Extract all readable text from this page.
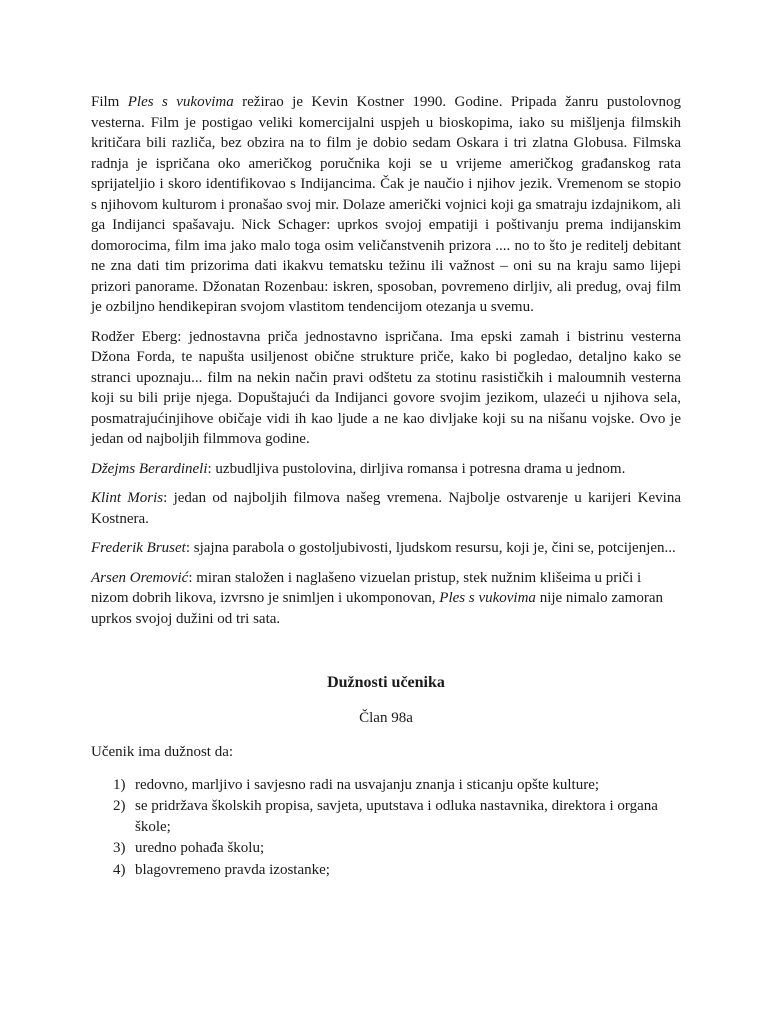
Film Ples s vukovima režirao je Kevin Kostner 1990. Godine. Pripada žanru pustolovnog vesterna. Film je postigao veliki komercijalni uspjeh u bioskopima, iako su mišljenja filmskih kritičara bili različa, bez obzira na to film je dobio sedam Oskara i tri zlatna Globusa. Filmska radnja je ispričana oko američkog poručnika koji se u vrijeme američkog građanskog rata sprijateljio i skoro identifikovao s Indijancima. Čak je naučio i njihov jezik. Vremenom se stopio s njihovom kulturom i pronašao svoj mir. Dolaze američki vojnici koji ga smatraju izdajnikom, ali ga Indijanci spašavaju. Nick Schager: uprkos svojoj empatiji i poštivanju prema indijanskim domorocima, film ima jako malo toga osim veličanstvenih prizora .... no to što je reditelj debitant ne zna dati tim prizorima dati ikakvu tematsku težinu ili važnost – oni su na kraju samo lijepi prizori panorame. Džonatan Rozenbau: iskren, sposoban, povremeno dirljiv, ali predug, ovaj film je ozbiljno hendikepiran svojom vlastitom tendencijom otezanja u svemu.

Rodžer Eberg: jednostavna priča jednostavno ispričana. Ima epski zamah i bistrinu vesterna Džona Forda, te napušta usiljenost obične strukture priče, kako bi pogledao, detaljno kako se stranci upoznaju... film na nekin način pravi odštetu za stotinu rasističkih i maloumnih vesterna koji su bili prije njega. Dopuštajući da Indijanci govore svojim jezikom, ulazeći u njihova sela, posmatrajućinjihove običaje vidi ih kao ljude a ne kao divljake koji su na nišanu vojske. Ovo je jedan od najboljih filmmova godine.

Džejms Berardineli: uzbudljiva pustolovina, dirljiva romansa i potresna drama u jednom.

Klint Moris: jedan od najboljih filmova našeg vremena. Najbolje ostvarenje u karijeri Kevina Kostnera.

Frederik Bruset: sjajna parabola o gostoljubivosti, ljudskom resursu, koji je, čini se, potcijenjen...

Arsen Oremović: miran staložen i naglašeno vizuelan pristup, stek nužnim klišeima u priči i nizom dobrih likova, izvrsno je snimljen i ukomponovan, Ples s vukovima nije nimalo zamoran uprkos svojoj dužini od tri sata.

Dužnosti učenika
Član 98a
Učenik ima dužnost da:
1) redovno, marljivo i savjesno radi na usvajanju znanja i sticanju opšte kulture;
2) se pridržava školskih propisa, savjeta, uputstava i odluka nastavnika, direktora i organa škole;
3) uredno pohađa školu;
4) blagovremeno pravda izostanke;
